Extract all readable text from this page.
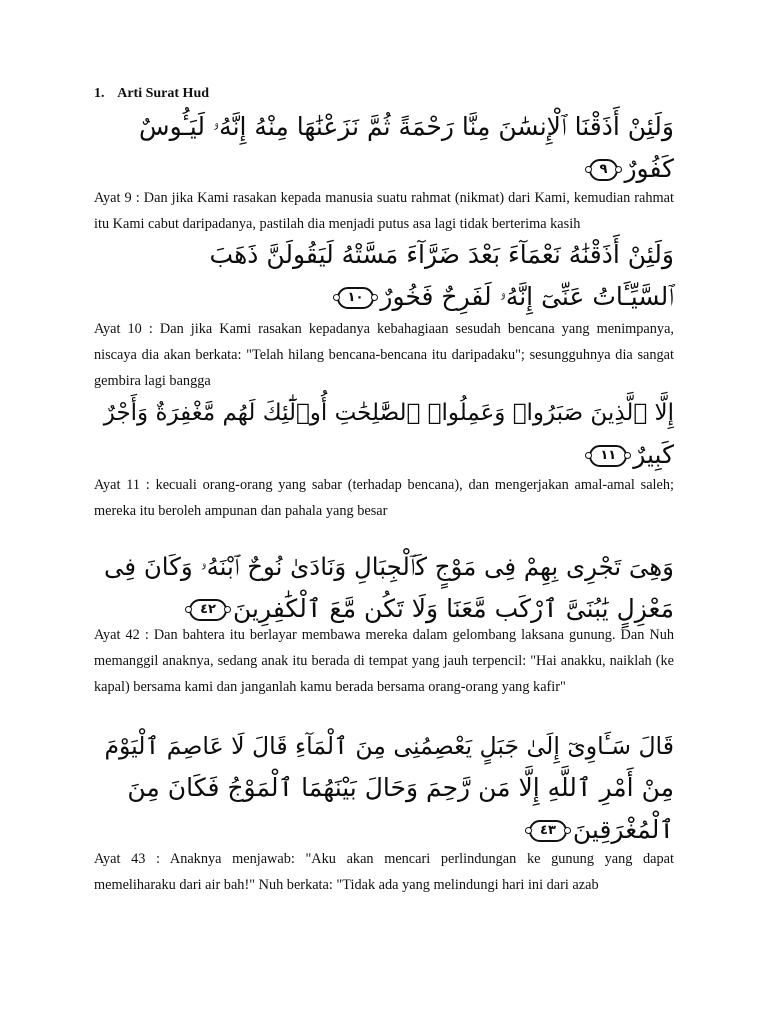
1. Arti Surat Hud
وَلَئِنْ أَذَقْنَا ٱلْإِنسَٰنَ مِنَّا رَحْمَةً ثُمَّ نَزَعْنَٰهَا مِنْهُ إِنَّهُۥ لَيَـُٔوسٌ
كَفُورٌ٩

Ayat 9 : Dan jika Kami rasakan kepada manusia suatu rahmat (nikmat) dari Kami, kemudian rahmat itu Kami cabut daripadanya, pastilah dia menjadi putus asa lagi tidak berterima kasih

وَلَئِنْ أَذَقْنَٰهُ نَعْمَآءَ بَعْدَ ضَرَّآءَ مَسَّتْهُ لَيَقُولَنَّ ذَهَبَ
ٱلسَّيِّـَٔاتُ عَنِّىٓ إِنَّهُۥ لَفَرِحٌ فَخُورٌ١٠

Ayat 10 : Dan jika Kami rasakan kepadanya kebahagiaan sesudah bencana yang menimpanya, niscaya dia akan berkata: "Telah hilang bencana-bencana itu daripadaku"; sesungguhnya dia sangat gembira lagi bangga

إِلَّا ٱلَّذِينَ صَبَرُوا۟ وَعَمِلُوا۟ ٱلصَّٰلِحَٰتِ أُو۟لَٰٓئِكَ لَهُم مَّغْفِرَةٌ وَأَجْرٌ
كَبِيرٌ١١

Ayat 11 : kecuali orang-orang yang sabar (terhadap bencana), dan mengerjakan amal-amal saleh; mereka itu beroleh ampunan dan pahala yang besar

وَهِىَ تَجْرِى بِهِمْ فِى مَوْجٍ كَٱلْجِبَالِ وَنَادَىٰ نُوحٌ ٱبْنَهُۥ وَكَانَ فِى
مَعْزِلٍ يَٰبُنَىَّ ٱرْكَب مَّعَنَا وَلَا تَكُن مَّعَ ٱلْكَٰفِرِينَ٤٢

Ayat 42 : Dan bahtera itu berlayar membawa mereka dalam gelombang laksana gunung. Dan Nuh memanggil anaknya, sedang anak itu berada di tempat yang jauh terpencil: "Hai anakku, naiklah (ke kapal) bersama kami dan janganlah kamu berada bersama orang-orang yang kafir"

قَالَ سَـَٔاوِىٓ إِلَىٰ جَبَلٍ يَعْصِمُنِى مِنَ ٱلْمَآءِ قَالَ لَا عَاصِمَ ٱلْيَوْمَ
مِنْ أَمْرِ ٱللَّهِ إِلَّا مَن رَّحِمَ وَحَالَ بَيْنَهُمَا ٱلْمَوْجُ فَكَانَ مِنَ
ٱلْمُغْرَقِينَ٤٣

Ayat 43 : Anaknya menjawab: "Aku akan mencari perlindungan ke gunung yang dapat memeliharaku dari air bah!" Nuh berkata: "Tidak ada yang melindungi hari ini dari azab
